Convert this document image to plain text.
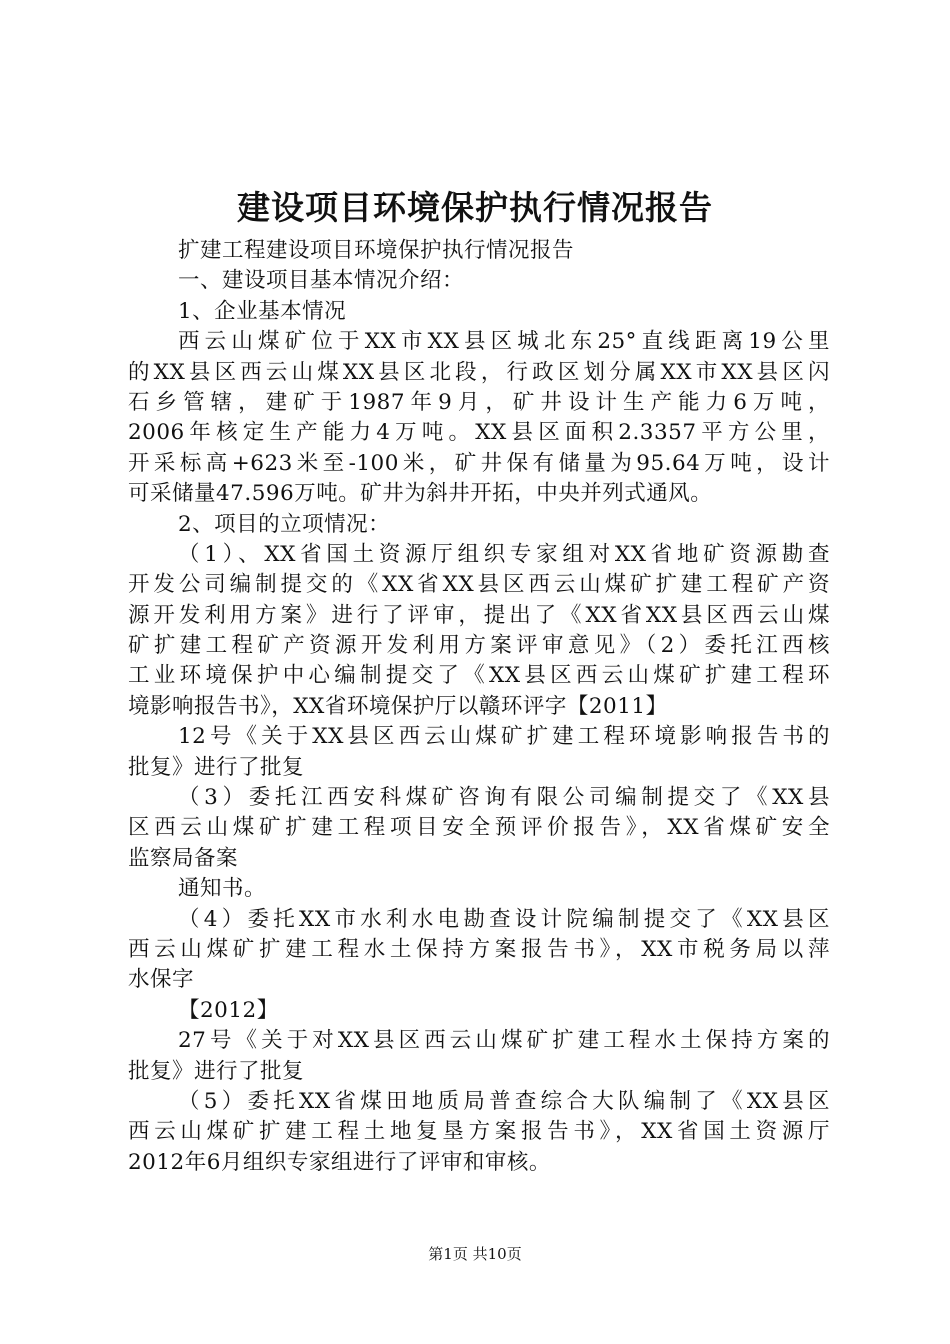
建设项目环境保护执行情况报告
扩建工程建设项目环境保护执行情况报告
一、建设项目基本情况介绍：
1、企业基本情况
西云山煤矿位于XX市XX县区城北东25°直线距离19公里
的XX县区西云山煤XX县区北段，行政区划分属XX市XX县区闪
石乡管辖，建矿于1987年9月，矿井设计生产能力6万吨，
2006年核定生产能力4万吨。XX县区面积2.3357平方公里，
开采标高+623米至-100米，矿井保有储量为95.64万吨，设计
可采储量47.596万吨。矿井为斜井开拓，中央并列式通风。
2、项目的立项情况：
（1）、XX省国土资源厅组织专家组对XX省地矿资源勘查
开发公司编制提交的《XX省XX县区西云山煤矿扩建工程矿产资
源开发利用方案》进行了评审，提出了《XX省XX县区西云山煤
矿扩建工程矿产资源开发利用方案评审意见》（2）委托江西核
工业环境保护中心编制提交了《XX县区西云山煤矿扩建工程环
境影响报告书》，XX省环境保护厅以赣环评字【2011】
12号《关于XX县区西云山煤矿扩建工程环境影响报告书的
批复》进行了批复
（3）委托江西安科煤矿咨询有限公司编制提交了《XX县
区西云山煤矿扩建工程项目安全预评价报告》，XX省煤矿安全
监察局备案
通知书。
（4）委托XX市水利水电勘查设计院编制提交了《XX县区
西云山煤矿扩建工程水土保持方案报告书》，XX市税务局以萍
水保字
【2012】
27号《关于对XX县区西云山煤矿扩建工程水土保持方案的
批复》进行了批复
（5）委托XX省煤田地质局普查综合大队编制了《XX县区
西云山煤矿扩建工程土地复垦方案报告书》，XX省国土资源厅
2012年6月组织专家组进行了评审和审核。
第1页 共10页
